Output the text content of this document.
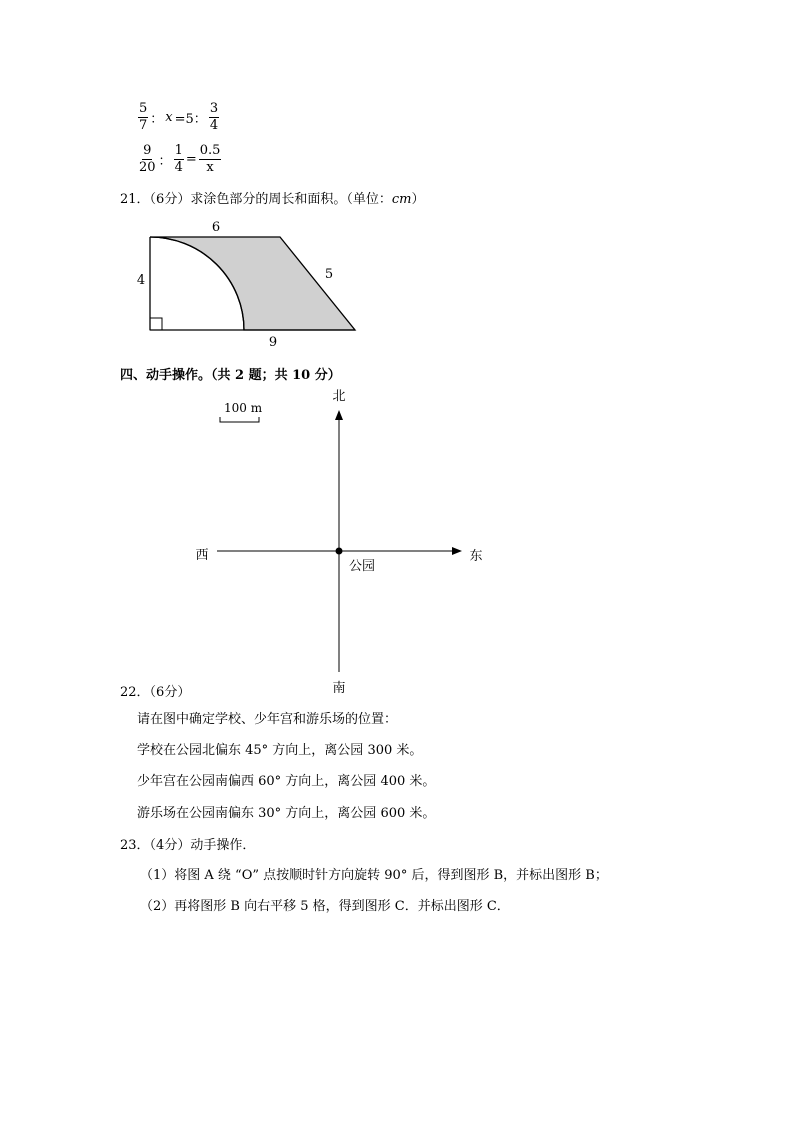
$\frac{5}{7}$ ： x =5： $\frac{3}{4}$
$\frac{9}{20}$ ： $\frac{1}{4} = \frac{0.5}{x}$
21．（6分）求涂色部分的周长和面积。（单位：cm）
6
4	5
9
四、动手操作。（共 2 题；共 10 分）
100 m
北
南
西	东
公园
22．（6分）
请在图中确定学校、少年宫和游乐场的位置：
学校在公园北偏东 45° 方向上，离公园 300 米。
少年宫在公园南偏西 60° 方向上，离公园 400 米。
游乐场在公园南偏东 30° 方向上，离公园 600 米。
23．（4分）动手操作．
（1）将图 A 绕 “O” 点按顺时针方向旋转 90° 后，得到图形 B，并标出图形 B；
（2）再将图形 B 向右平移 5 格，得到图形 C．并标出图形 C．
